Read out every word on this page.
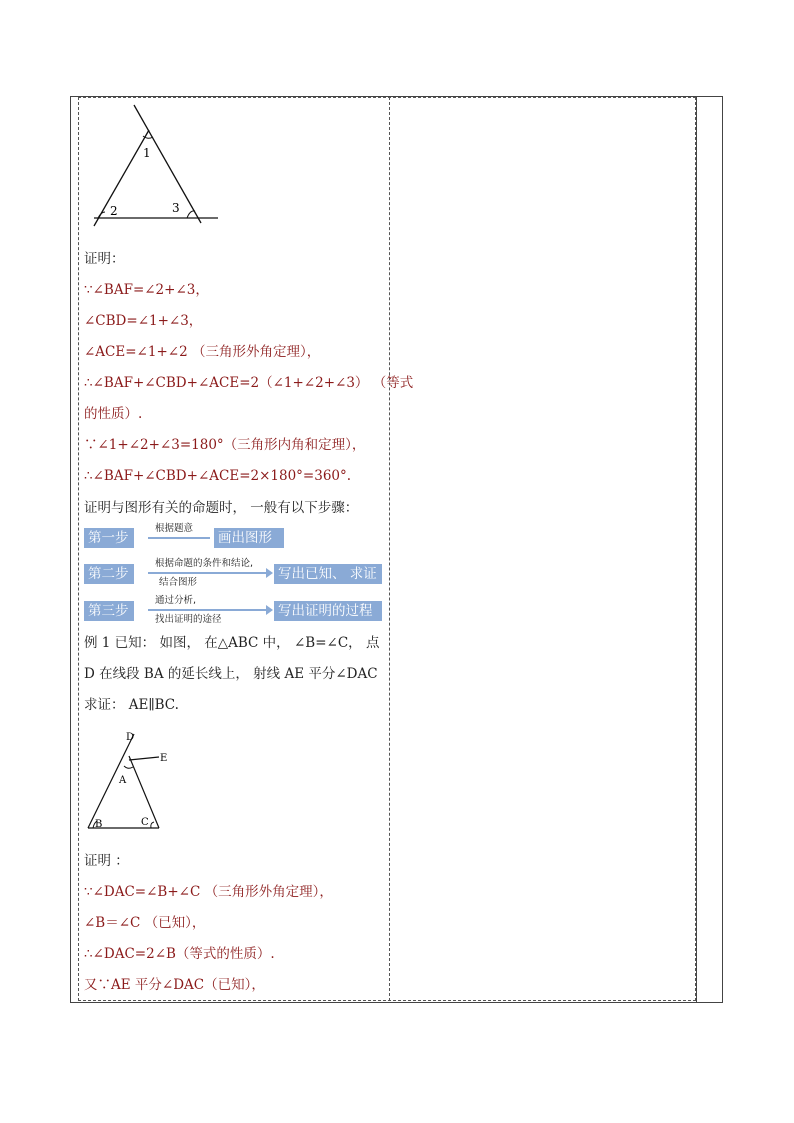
1
2	3
证明：
∵∠BAF=∠2+∠3，
∠CBD=∠1+∠3，
∠ACE=∠1+∠2 （三角形外角定理），
∴∠BAF+∠CBD+∠ACE=2（∠1+∠2+∠3） （等式
的性质）.
∵∠1+∠2+∠3=180°（三角形内角和定理），
∴∠BAF+∠CBD+∠ACE=2×180°=360°.
证明与图形有关的命题时， 一般有以下步骤：
第一步
根据题意
画出图形
第二步
根据命题的条件和结论,
结合图形
写出已知、 求证
第三步
通过分析,
找出证明的途径
写出证明的过程
例 1 已知： 如图， 在△ABC 中， ∠B=∠C， 点
D 在线段 BA 的延长线上， 射线 AE 平分∠DAC
求证： AE∥BC.
D
E
A
B	C
证明 ：
∵∠DAC=∠B+∠C （三角形外角定理），
∠B＝∠C （已知），
∴∠DAC=2∠B（等式的性质）.
又∵AE 平分∠DAC（已知），
